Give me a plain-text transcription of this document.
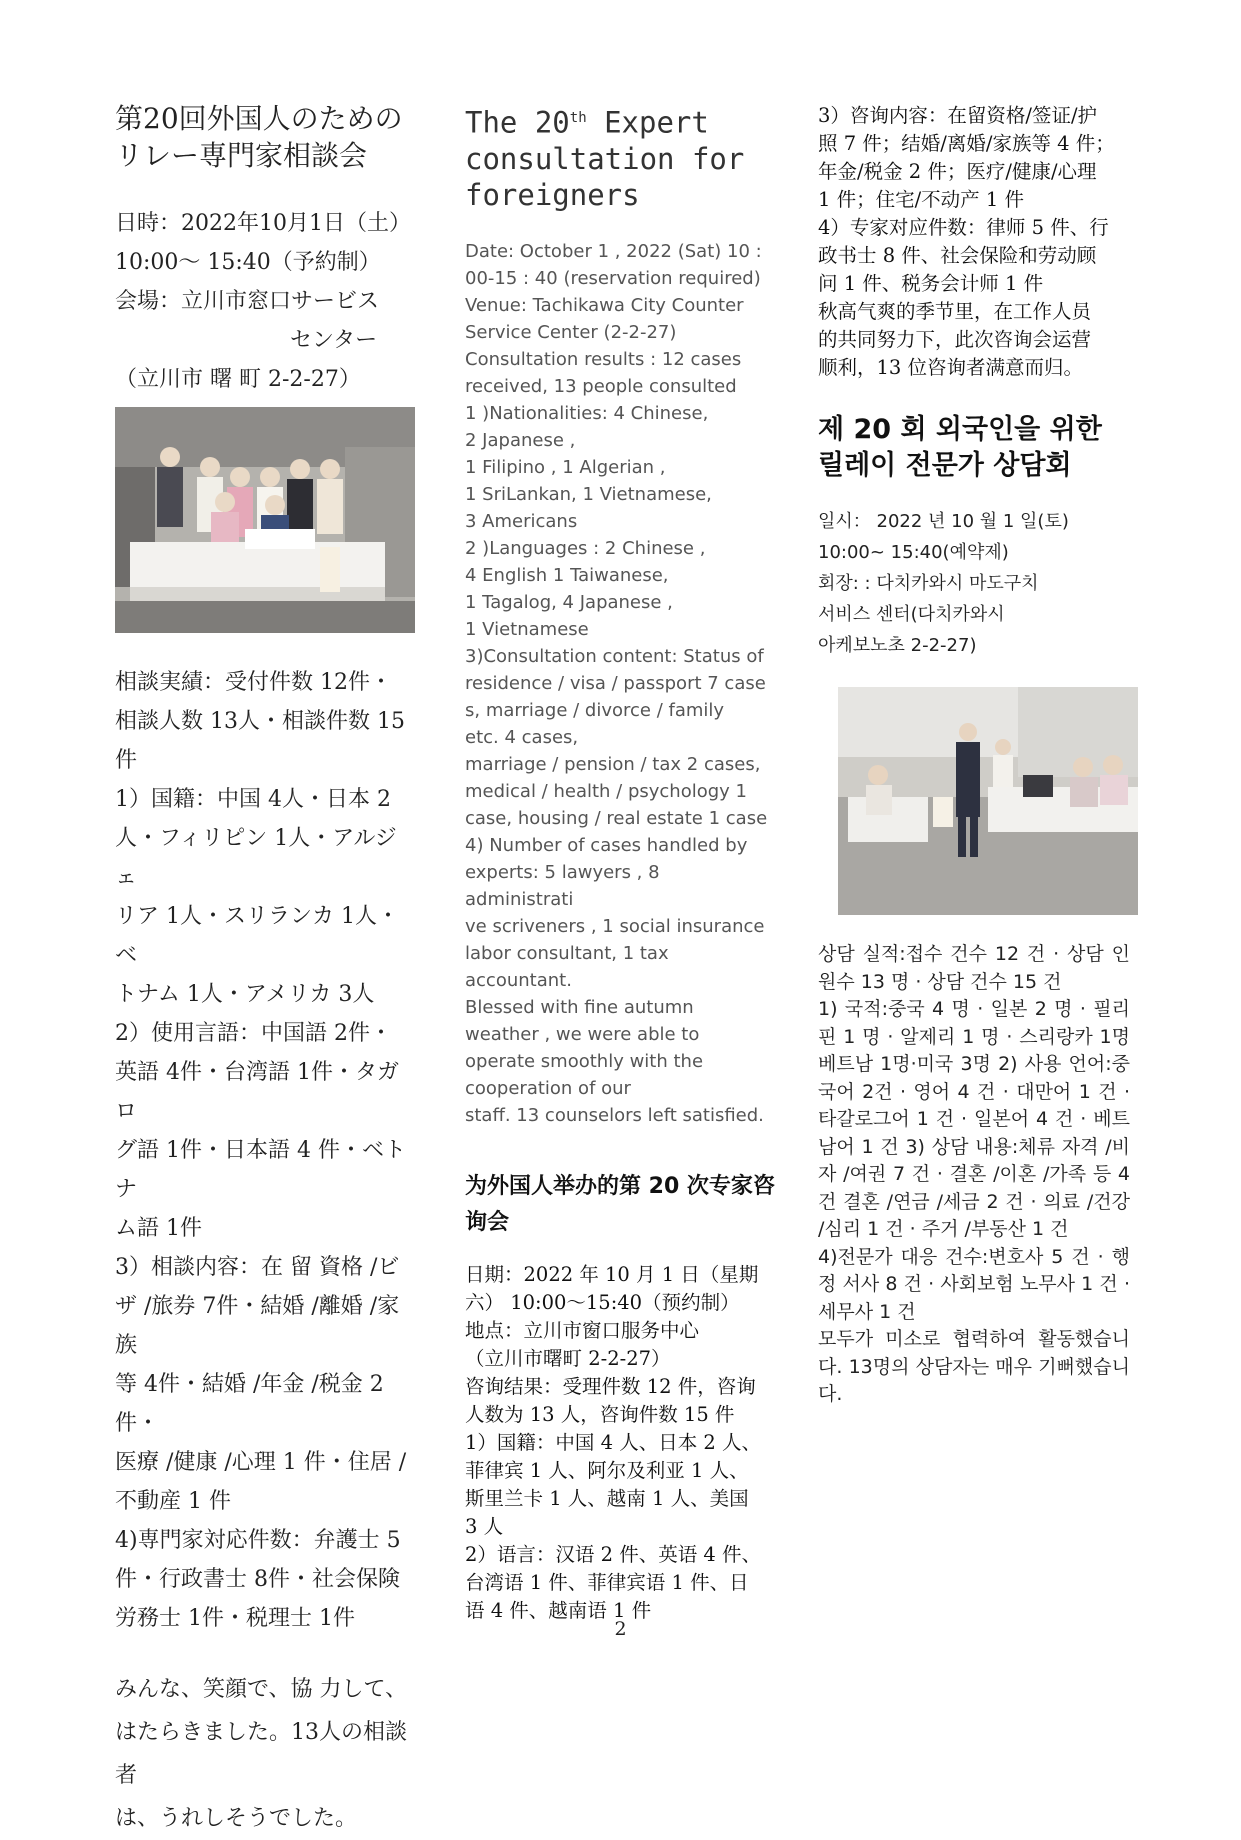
第20回外国人のための
リレー専門家相談会

日時：2022年10月1日（土）

10:00～ 15:40（予約制）

会場：立川市窓口サービス

センター

（立川市 曙 町 2-2-27）

相談実績：受付件数 12件・

相談人数 13人・相談件数 15件

1）国籍：中国 4人・日本 2

人・フィリピン 1人・アルジェ

リア 1人・スリランカ 1人・ベ

トナム 1人・アメリカ 3人

2）使用言語：中国語 2件・

英語 4件・台湾語 1件・タガロ

グ語 1件・日本語 4 件・ベトナ

ム語 1件

3）相談内容：在 留 資格 /ビ

ザ /旅券 7件・結婚 /離婚 /家族

等 4件・結婚 /年金 /税金 2件・

医療 /健康 /心理 1 件・住居 /

不動産 1 件

4)専門家対応件数：弁護士 5

件・行政書士 8件・社会保険

労務士 1件・税理士 1件

みんな、笑顔で、協 力して、

はたらきました。13人の相談者

は、うれしそうでした。

The 20th Expert consultation for foreigners

Date: October 1 , 2022 (Sat) 10 :

00-15 : 40 (reservation required)

Venue: Tachikawa City Counter

Service Center (2-2-27)

Consultation results : 12 cases

received, 13 people consulted

1 )Nationalities: 4 Chinese,

2 Japanese ,

1 Filipino , 1 Algerian ,

1 SriLankan, 1 Vietnamese,

3 Americans

2 )Languages : 2 Chinese ,

4 English 1 Taiwanese,

1 Tagalog, 4 Japanese ,

1 Vietnamese

3)Consultation content: Status of

residence / visa / passport 7 case

s, marriage / divorce / family

etc. 4 cases,

marriage / pension / tax 2 cases,

medical / health / psychology 1

case, housing / real estate 1 case

4) Number of cases handled by

experts: 5 lawyers , 8 administrati

ve scriveners , 1 social insurance

labor consultant, 1 tax

accountant.

Blessed with fine autumn

weather , we were able to

operate smoothly with the

cooperation of our

staff. 13 counselors left satisfied.

为外国人举办的第 20 次专家咨询会

日期：2022 年 10 月 1 日（星期

六） 10:00～15:40（预约制）

地点：立川市窗口服务中心

（立川市曙町 2-2-27）

咨询结果：受理件数 12 件，咨询

人数为 13 人，咨询件数 15 件

1）国籍：中国 4 人、日本 2 人、

菲律宾 1 人、阿尔及利亚 1 人、

斯里兰卡 1 人、越南 1 人、美国

3 人

2）语言：汉语 2 件、英语 4 件、

台湾语 1 件、菲律宾语 1 件、日

语 4 件、越南语 1 件

3）咨询内容：在留资格/签证/护

照 7 件；结婚/离婚/家族等 4 件；

年金/税金 2 件；医疗/健康/心理

1 件；住宅/不动产 1 件

4）专家对应件数：律师 5 件、行

政书士 8 件、社会保险和劳动顾

问 1 件、税务会计师 1 件

秋高气爽的季节里，在工作人员

的共同努力下，此次咨询会运营

顺利，13 位咨询者满意而归。

제 20 회 외국인을 위한
릴레이 전문가 상담회

일시： 2022 년 10 월 1 일(토)

10:00~ 15:40(예약제)

회장: : 다치카와시 마도구치

서비스 센터(다치카와시

아케보노초 2-2-27)

상담 실적:접수 건수 12 건 · 상담 인원수 13 명 · 상담 건수 15 건

1) 국적:중국 4 명 · 일본 2 명 · 필리핀 1 명 · 알제리 1 명 · 스리랑카 1명 베트남 1명·미국 3명 2) 사용 언어:중국어 2건 · 영어 4 건 · 대만어 1 건 · 타갈로그어 1 건 · 일본어 4 건 · 베트남어 1 건 3) 상담 내용:체류 자격 /비자 /여권 7 건 · 결혼 /이혼 /가족 등 4 건 결혼 /연금 /세금 2 건 · 의료 /건강 /심리 1 건 · 주거 /부동산 1 건

4)전문가 대응 건수:변호사 5 건 · 행정 서사 8 건 · 사회보험 노무사 1 건 · 세무사 1 건

모두가 미소로 협력하여 활동했습니다. 13명의 상담자는 매우 기뻐했습니다.

2
